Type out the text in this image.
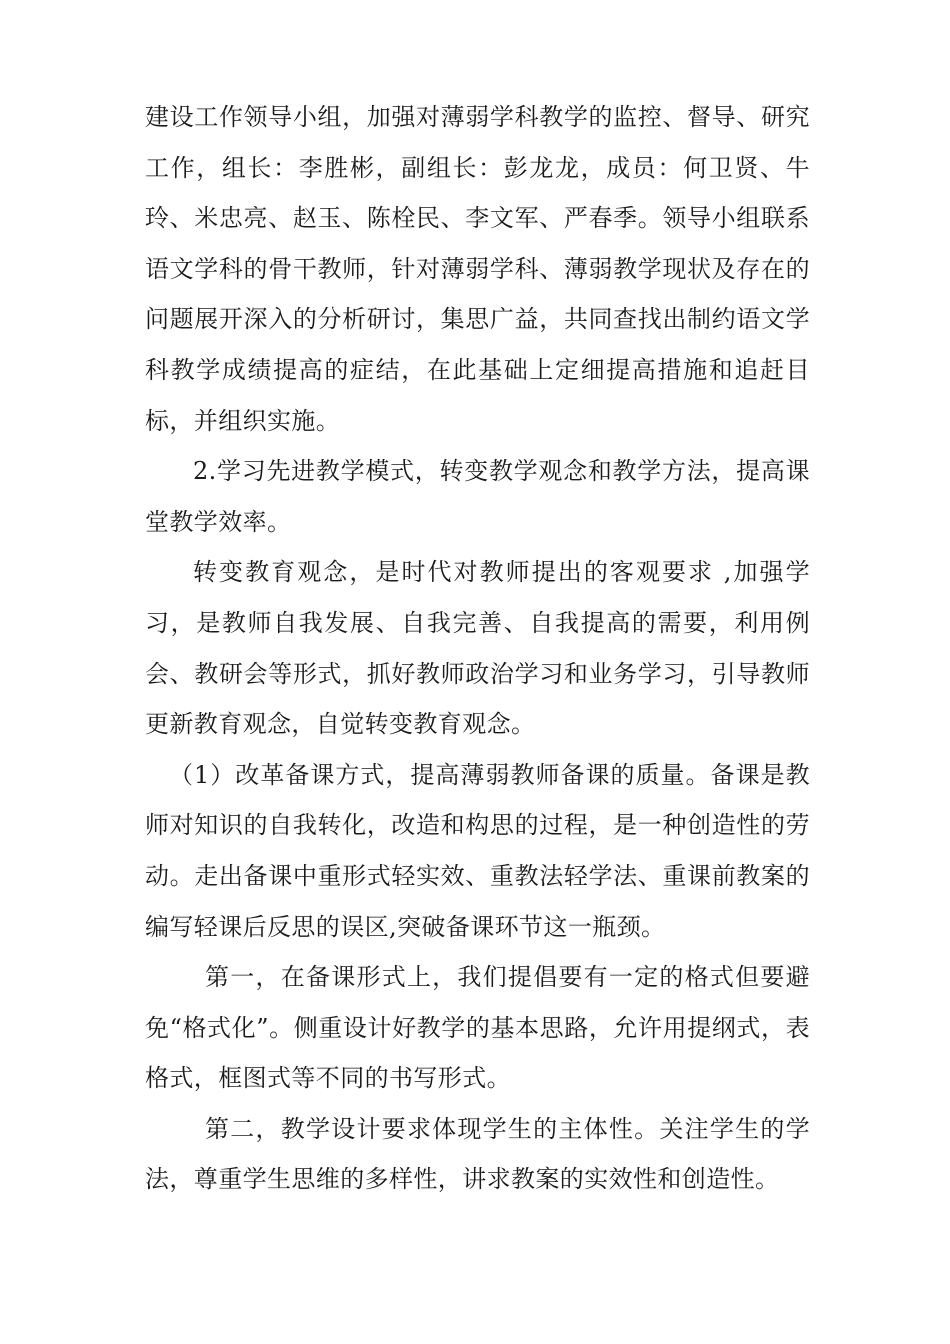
建设工作领导小组，加强对薄弱学科教学的监控、督导、研究工作，组长：李胜彬，副组长：彭龙龙，成员：何卫贤、牛玲、米忠亮、赵玉、陈栓民、李文军、严春季。领导小组联系语文学科的骨干教师，针对薄弱学科、薄弱教学现状及存在的问题展开深入的分析研讨，集思广益，共同查找出制约语文学科教学成绩提高的症结，在此基础上定细提高措施和追赶目标，并组织实施。

2.学习先进教学模式，转变教学观念和教学方法，提高课堂教学效率。

转变教育观念，是时代对教师提出的客观要求 ,加强学习，是教师自我发展、自我完善、自我提高的需要，利用例会、教研会等形式，抓好教师政治学习和业务学习，引导教师更新教育观念，自觉转变教育观念。

（1）改革备课方式，提高薄弱教师备课的质量。备课是教师对知识的自我转化，改造和构思的过程，是一种创造性的劳动。走出备课中重形式轻实效、重教法轻学法、重课前教案的编写轻课后反思的误区,突破备课环节这一瓶颈。

第一，在备课形式上，我们提倡要有一定的格式但要避免“格式化”。侧重设计好教学的基本思路，允许用提纲式，表格式，框图式等不同的书写形式。

第二，教学设计要求体现学生的主体性。关注学生的学法，尊重学生思维的多样性，讲求教案的实效性和创造性。
